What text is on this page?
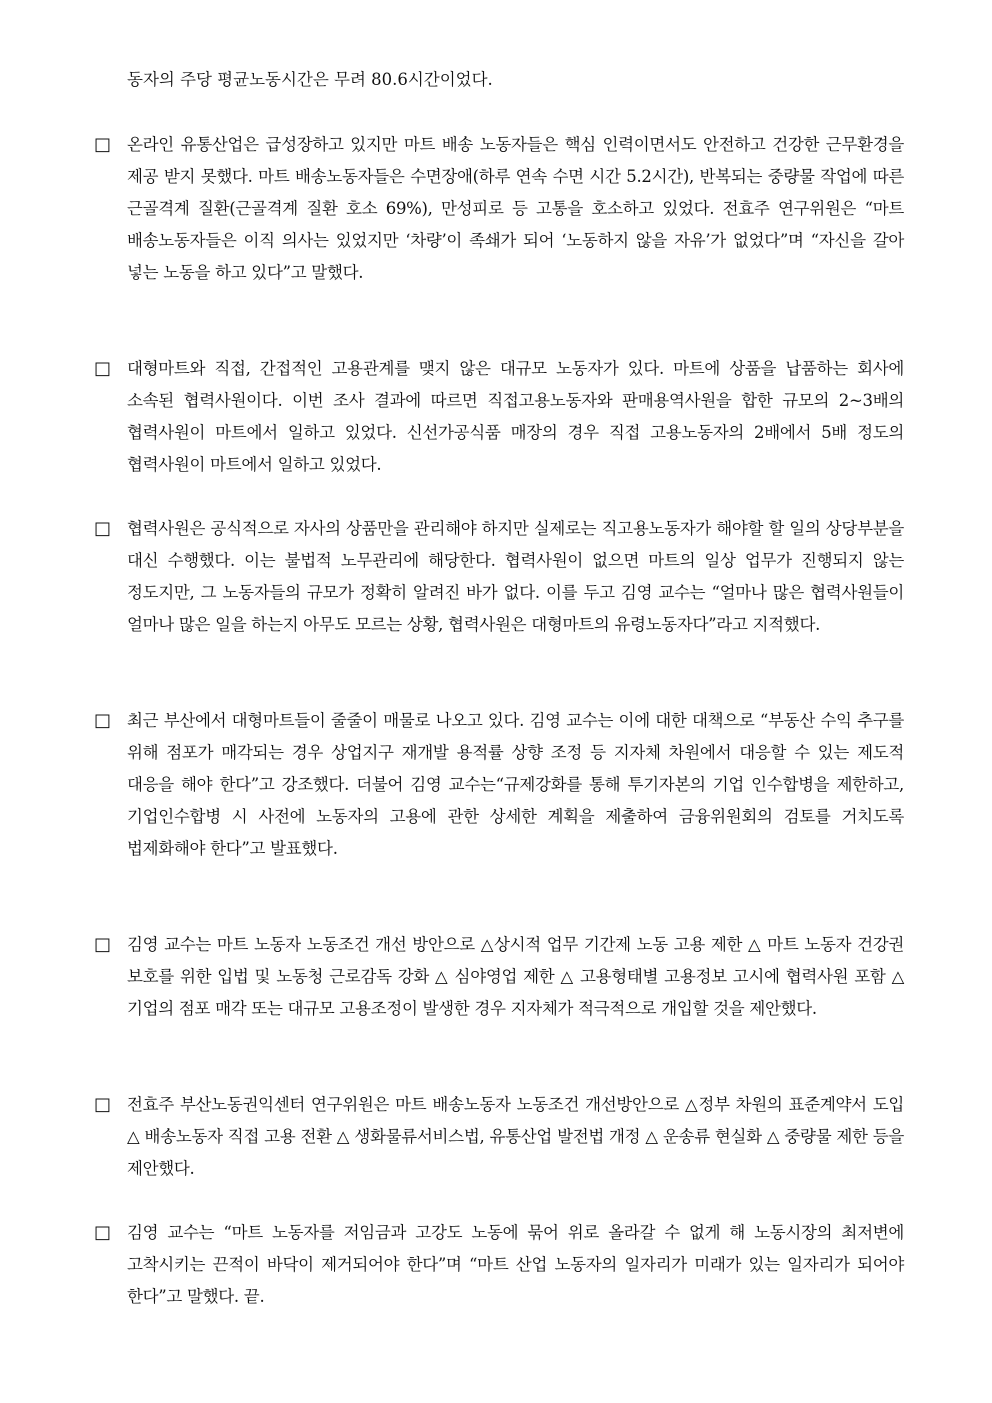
동자의 주당 평균노동시간은 무려 80.6시간이었다.

□ 온라인 유통산업은 급성장하고 있지만 마트 배송 노동자들은 핵심 인력이면서도 안전하고 건강한 근무환경을 제공 받지 못했다. 마트 배송노동자들은 수면장애(하루 연속 수면 시간 5.2시간), 반복되는 중량물 작업에 따른 근골격계 질환(근골격계 질환 호소 69%), 만성피로 등 고통을 호소하고 있었다. 전효주 연구위원은 “마트 배송노동자들은 이직 의사는 있었지만 ‘차량’이 족쇄가 되어 ‘노동하지 않을 자유’가 없었다”며 “자신을 갈아 넣는 노동을 하고 있다”고 말했다.
□ 대형마트와 직접, 간접적인 고용관계를 맺지 않은 대규모 노동자가 있다. 마트에 상품을 납품하는 회사에 소속된 협력사원이다. 이번 조사 결과에 따르면 직접고용노동자와 판매용역사원을 합한 규모의 2~3배의 협력사원이 마트에서 일하고 있었다. 신선가공식품 매장의 경우 직접 고용노동자의 2배에서 5배 정도의 협력사원이 마트에서 일하고 있었다.
□ 협력사원은 공식적으로 자사의 상품만을 관리해야 하지만 실제로는 직고용노동자가 해야할 할 일의 상당부분을 대신 수행했다. 이는 불법적 노무관리에 해당한다. 협력사원이 없으면 마트의 일상 업무가 진행되지 않는 정도지만, 그 노동자들의 규모가 정확히 알려진 바가 없다. 이를 두고 김영 교수는 “얼마나 많은 협력사원들이 얼마나 많은 일을 하는지 아무도 모르는 상황, 협력사원은 대형마트의 유령노동자다”라고 지적했다.
□ 최근 부산에서 대형마트들이 줄줄이 매물로 나오고 있다. 김영 교수는 이에 대한 대책으로 “부동산 수익 추구를 위해 점포가 매각되는 경우 상업지구 재개발 용적률 상향 조정 등 지자체 차원에서 대응할 수 있는 제도적 대응을 해야 한다”고 강조했다. 더불어 김영 교수는“규제강화를 통해 투기자본의 기업 인수합병을 제한하고, 기업인수합병 시 사전에 노동자의 고용에 관한 상세한 계획을 제출하여 금융위원회의 검토를 거치도록 법제화해야 한다”고 발표했다.
□ 김영 교수는 마트 노동자 노동조건 개선 방안으로 △상시적 업무 기간제 노동 고용 제한 △ 마트 노동자 건강권 보호를 위한 입법 및 노동청 근로감독 강화 △ 심야영업 제한 △ 고용형태별 고용정보 고시에 협력사원 포함 △ 기업의 점포 매각 또는 대규모 고용조정이 발생한 경우 지자체가 적극적으로 개입할 것을 제안했다.
□ 전효주 부산노동권익센터 연구위원은 마트 배송노동자 노동조건 개선방안으로 △정부 차원의 표준계약서 도입 △ 배송노동자 직접 고용 전환 △ 생화물류서비스법, 유통산업 발전법 개정 △ 운송류 현실화 △ 중량물 제한 등을 제안했다.
□ 김영 교수는 “마트 노동자를 저임금과 고강도 노동에 묶어 위로 올라갈 수 없게 해 노동시장의 최저변에 고착시키는 끈적이 바닥이 제거되어야 한다”며 “마트 산업 노동자의 일자리가 미래가 있는 일자리가 되어야 한다”고 말했다. 끝.
